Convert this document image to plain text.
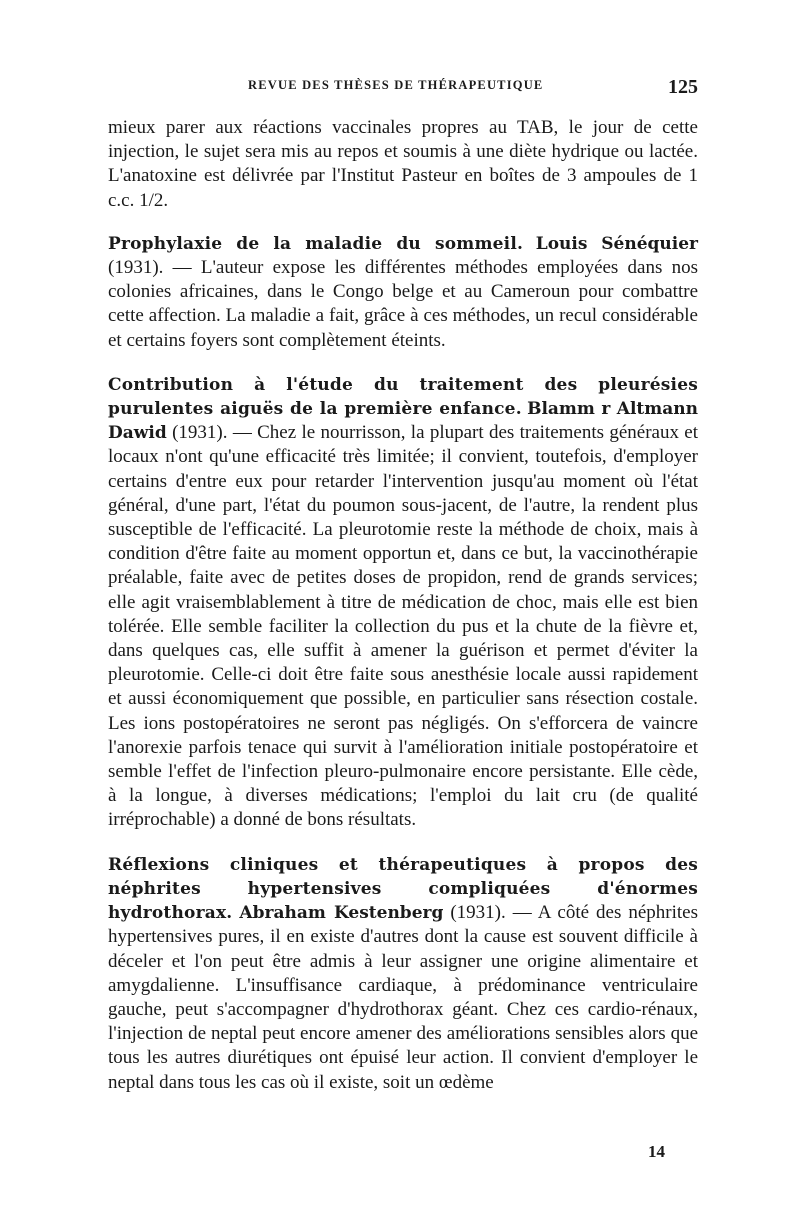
REVUE DES THÈSES DE THÉRAPEUTIQUE	125

mieux parer aux réactions vaccinales propres au TAB, le jour de cette injection, le sujet sera mis au repos et soumis à une diète hydrique ou lactée. L'anatoxine est délivrée par l'Institut Pasteur en boîtes de 3 ampoules de 1 c.c. 1/2.

Prophylaxie de la maladie du sommeil. Louis Sénéquier (1931). — L'auteur expose les différentes méthodes employées dans nos colonies africaines, dans le Congo belge et au Cameroun pour combattre cette affection. La maladie a fait, grâce à ces méthodes, un recul considérable et certains foyers sont complètement éteints.

Contribution à l'étude du traitement des pleurésies purulentes aiguës de la première enfance. Blamm r Altmann Dawid (1931). — Chez le nourrisson, la plupart des traitements généraux et locaux n'ont qu'une efficacité très limitée; il convient, toutefois, d'employer certains d'entre eux pour retarder l'intervention jusqu'au moment où l'état général, d'une part, l'état du poumon sous-jacent, de l'autre, la rendent plus susceptible de l'efficacité. La pleurotomie reste la méthode de choix, mais à condition d'être faite au moment opportun et, dans ce but, la vaccinothérapie préalable, faite avec de petites doses de propidon, rend de grands services; elle agit vraisemblablement à titre de médication de choc, mais elle est bien tolérée. Elle semble faciliter la collection du pus et la chute de la fièvre et, dans quelques cas, elle suffit à amener la guérison et permet d'éviter la pleurotomie. Celle-ci doit être faite sous anesthésie locale aussi rapidement et aussi économiquement que possible, en particulier sans résection costale. Les ions postopératoires ne seront pas négligés. On s'efforcera de vaincre l'anorexie parfois tenace qui survit à l'amélioration initiale postopératoire et semble l'effet de l'infection pleuro-pulmonaire encore persistante. Elle cède, à la longue, à diverses médications; l'emploi du lait cru (de qualité irréprochable) a donné de bons résultats.

Réflexions cliniques et thérapeutiques à propos des néphrites hypertensives compliquées d'énormes hydrothorax. Abraham Kestenberg (1931). — A côté des néphrites hypertensives pures, il en existe d'autres dont la cause est souvent difficile à déceler et l'on peut être admis à leur assigner une origine alimentaire et amygdalienne. L'insuffisance cardiaque, à prédominance ventriculaire gauche, peut s'accompagner d'hydrothorax géant. Chez ces cardio-rénaux, l'injection de neptal peut encore amener des améliorations sensibles alors que tous les autres diurétiques ont épuisé leur action. Il convient d'employer le neptal dans tous les cas où il existe, soit un œdème

14
